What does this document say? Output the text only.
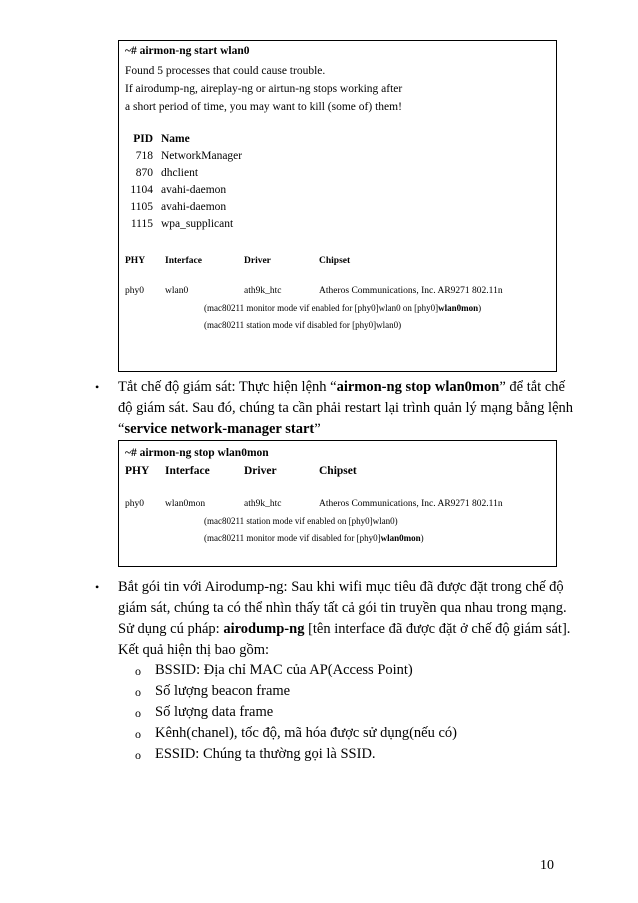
~# airmon-ng start wlan0
Found 5 processes that could cause trouble.
If airodump-ng, aireplay-ng or airtun-ng stops working after
a short period of time, you may want to kill (some of) them!
PID Name
718 NetworkManager
870 dhclient
1104 avahi-daemon
1105 avahi-daemon
1115 wpa_supplicant
PHY Interface	Driver	Chipset
phy0 wlan0	ath9k_htc	Atheros Communications, Inc. AR9271 802.11n
(mac80211 monitor mode vif enabled for [phy0]wlan0 on [phy0]wlan0mon)
(mac80211 station mode vif disabled for [phy0]wlan0)
• Tắt chế độ giám sát: Thực hiện lệnh “airmon-ng stop wlan0mon” để tắt chế
độ giám sát. Sau đó, chúng ta cần phải restart lại trình quản lý mạng bằng lệnh
“service network-manager start”
~# airmon-ng stop wlan0mon
PHY Interface	Driver	Chipset
phy0 wlan0mon	ath9k_htc	Atheros Communications, Inc. AR9271 802.11n
(mac80211 station mode vif enabled on [phy0]wlan0)
(mac80211 monitor mode vif disabled for [phy0]wlan0mon)
• Bắt gói tin với Airodump-ng: Sau khi wifi mục tiêu đã được đặt trong chế độ
giám sát, chúng ta có thể nhìn thấy tất cả gói tin truyền qua nhau trong mạng.
Sử dụng cú pháp: airodump-ng [tên interface đã được đặt ở chế độ giám sát].
Kết quả hiện thị bao gồm:
o BSSID: Địa chỉ MAC của AP(Access Point)
o Số lượng beacon frame
o Số lượng data frame
o Kênh(chanel), tốc độ, mã hóa được sử dụng(nếu có)
o ESSID: Chúng ta thường gọi là SSID.
10
